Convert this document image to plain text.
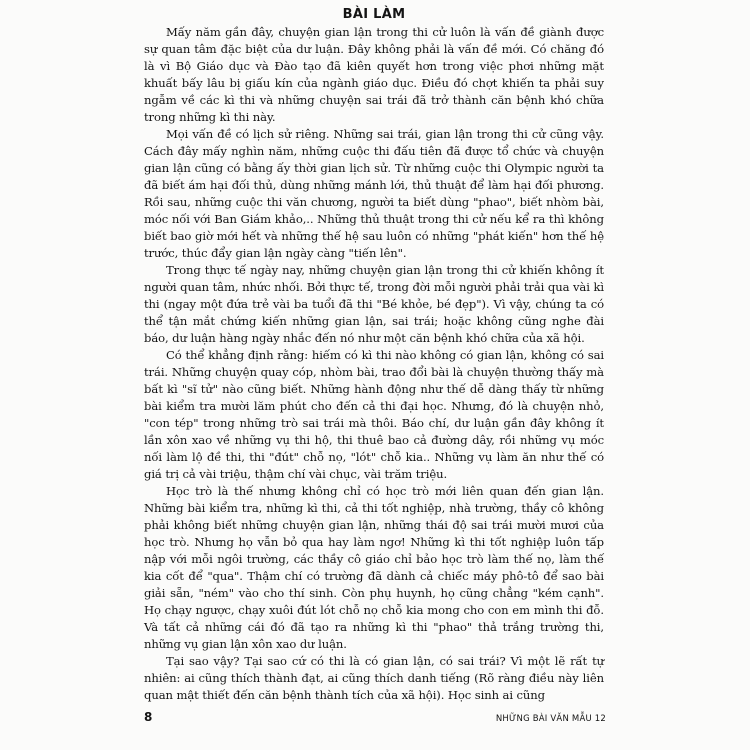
BÀI LÀM

Mấy năm gần đây, chuyện gian lận trong thi cử luôn là vấn đề giành được sự quan tâm đặc biệt của dư luận. Đây không phải là vấn đề mới. Có chăng đó là vì Bộ Giáo dục và Đào tạo đã kiên quyết hơn trong việc phơi những mặt khuất bấy lâu bị giấu kín của ngành giáo dục. Điều đó chợt khiến ta phải suy ngẫm về các kì thi và những chuyện sai trái đã trở thành căn bệnh khó chữa trong những kì thi này.

Mọi vấn đề có lịch sử riêng. Những sai trái, gian lận trong thi cử cũng vậy. Cách đây mấy nghìn năm, những cuộc thi đấu tiên đã được tổ chức và chuyện gian lận cũng có bằng ấy thời gian lịch sử. Từ những cuộc thi Olympic người ta đã biết ám hại đối thủ, dùng những mánh lới, thủ thuật để làm hại đối phương. Rồi sau, những cuộc thi văn chương, người ta biết dùng "phao", biết nhòm bài, móc nối với Ban Giám khảo,.. Những thủ thuật trong thi cử nếu kể ra thì không biết bao giờ mới hết và những thế hệ sau luôn có những "phát kiến" hơn thế hệ trước, thúc đẩy gian lận ngày càng "tiến lên".

Trong thực tế ngày nay, những chuyện gian lận trong thi cử khiến không ít người quan tâm, nhức nhối. Bởi thực tế, trong đời mỗi người phải trải qua vài kì thi (ngay một đứa trẻ vài ba tuổi đã thi "Bé khỏe, bé đẹp"). Vì vậy, chúng ta có thể tận mắt chứng kiến những gian lận, sai trái; hoặc không cũng nghe đài báo, dư luận hàng ngày nhắc đến nó như một căn bệnh khó chữa của xã hội.

Có thể khẳng định rằng: hiếm có kì thi nào không có gian lận, không có sai trái. Những chuyện quay cóp, nhòm bài, trao đổi bài là chuyện thường thấy mà bất kì "sĩ tử" nào cũng biết. Những hành động như thế dễ dàng thấy từ những bài kiểm tra mười lăm phút cho đến cả thi đại học. Nhưng, đó là chuyện nhỏ, "con tép" trong những trò sai trái mà thôi. Báo chí, dư luận gần đây không ít lần xôn xao về những vụ thi hộ, thi thuê bao cả đường dây, rồi những vụ móc nối làm lộ đề thi, thi "đút" chỗ nọ, "lót" chỗ kia.. Những vụ làm ăn như thế có giá trị cả vài triệu, thậm chí vài chục, vài trăm triệu.

Học trò là thế nhưng không chỉ có học trò mới liên quan đến gian lận. Những bài kiểm tra, những kì thi, cả thi tốt nghiệp, nhà trường, thầy cô không phải không biết những chuyện gian lận, những thái độ sai trái mười mươi của học trò. Nhưng họ vẫn bỏ qua hay làm ngơ! Những kì thi tốt nghiệp luôn tấp nập với mỗi ngôi trường, các thầy cô giáo chỉ bảo học trò làm thế nọ, làm thế kia cốt để "qua". Thậm chí có trường đã dành cả chiếc máy phô-tô để sao bài giải sẵn, "ném" vào cho thí sinh. Còn phụ huynh, họ cũng chẳng "kém cạnh". Họ chạy ngược, chạy xuôi đút lót chỗ nọ chỗ kia mong cho con em mình thi đỗ. Và tất cả những cái đó đã tạo ra những kì thi "phao" thả trắng trường thi, những vụ gian lận xôn xao dư luận.

Tại sao vậy? Tại sao cứ có thi là có gian lận, có sai trái? Vì một lẽ rất tự nhiên: ai cũng thích thành đạt, ai cũng thích danh tiếng (Rõ ràng điều này liên quan mật thiết đến căn bệnh thành tích của xã hội). Học sinh ai cũng

8	NHỮNG BÀI VĂN MẪU 12
